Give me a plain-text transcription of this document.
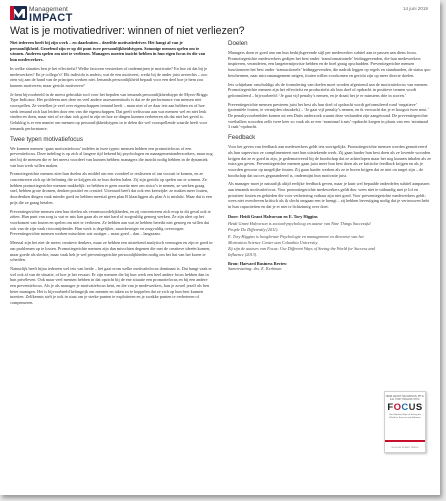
Management
IMPACT
14 juni 2019
Wat is je motivatiedriver: winnen of niet verliezen?

Niet iedereen heeft bij zijn werk – en daarbuiten – dezelfde motivatiedriver. Het hangt af van je persoonlijkheid. Geoefend zijn er op dit punt twee persoonlijkheidstypen. Sommige mensen spelen om te winnen. Anderen spelen om niet te verliezen. Managers moeten inzicht hebben in hun eigen focus én die van hun medewerkers.

In welke situaties ben je het effectiefst? Welke factoren versterken of ondermijnen je motivatie? En hoe zit dat bij je medewerkers? En je collega’s? Elk individu is anders; wat de een motiveert, werkt bij de ander juist averechts – zoo zien wij aan de hand van de principes werken niet. Iemands persoonlijkheid bepaalt voor een deel hoe je hem zou kunnen motiveren; maar gericht motiveren?

Je bent bijvoorbeeld in de meest gebruikte tool voor het bepalen van iemands persoonlijkheidstype de Myers-Briggs Type Indicator. Het probleem met deze en veel andere assessmenttools is dat ze de performance van mensen niet voorspellen. Ze vertellen je veel over eigenschappen iemand heeft – maar niet of ze daar iets aan hebben en of hoe sterk iemand zich laat leiden door een van die eigenschappen. Dat geeft weliswaar aan wat mensen wel en niet leuk vinden en doen, maar niet of ze daar ook goed in zijn en hoe ze dingen kunnen verbeteren als dat niet het geval is. Gelukkig is er een manier om mensen op persoonlijkheidstypen in te delen die wel voorspellende waarde heeft voor iemands performance.

Twee typen motivatiefocus

We kunnen mensen ‘gaan motivatiefocus’ indelen in twee typen: mensen hebben een promotiefocus of een preventiefocus. Deze indeling is op zich al langere tijd bekend bij psychologen en managementonderzoekers, maar nog niet bij de mensen die er het meest voordeel van kunnen hebben: managers die inzicht nodig hebben in de dynamiek van hun werk willen maken.

Promotiegerichte mensen zien hun doelen als middel om een voordeel te realiseren of om vooruit te komen, en ze concentreren zich op de beloning die ze krijgen als ze hun doelen halen. Zij zijn gericht op spelen om te winnen. Ze hebben promotiegerichte mensen makkelijk: ze hebben er geen moeite mee om risico’s te nemen, ze werken graag snel, hebben grote dromen, denken positief en creatief. Uiteraard heeft dat ook een keerzijde: ze maken meer fouten, doordenken dingen vaak minder goed en hebben meestal geen plan B klaarliggen als plan A is mislukt. Maar dat is een prijs die ze graag betalen.

Preventiegerichte mensen zien hun doelen als verantwoordelijkheden, en zij concentreren zich erop in dit geval ook te zitten. Hun punt van zorg is wat er mis kan gaan als ze niet hard of zorgvuldig genoeg werken. Ze zijn alert op het voorkomen van fouten en spelen om niet te verliezen. Ze hebben aan wat ze hebben bereikt niet genoeg en willen dat ook van de zijn vaak risicomijdender. Hun werk is degelijker, nauwkeuriger en zorgvuldig overwogen. Preventiegerichte mensen werken misschien wat rustiger – maar goed – dan – langzaam.

Meestal zijn het niet de meest creatieve denkers, maar ze hebben een uitstekend analytisch vermogen en zijn er goed in om problemen op te lossen. Promotiegerichte mensen zijn dan misschien degenen die met de creatieve ideeën komen, maar goede als slechte, maar vaak heb je wel preventiegerichte persoonlijkheden nodig om het hat van het koren te scheiden.

Natuurlijk heeft bijna iedereen wel iets van beide – het gaat erom welke motivatiefocus dominant is. Dat hangt vaak er wel ook af van de situatie, of hoe je het ervaart. Er zijn mensen die bij hun werk een heel andere focus hebben dan in hun privéleven. Ook maar veel mensen hebben in dat opzicht bij de ene situatie een promotiefocus en bij een andere een preventiefocus. Als je als manager je motivatiefocus kent, en die van je medewerkers, kun je zowel jezelf als hen beter managen. Het is bijvoorbeeld belangrijk om mensen en taken zo te koppelen dat ze zich op hun best kunnen inzetten. Zelfkennis stelt je ook in staat om je sterke punten te exploiteren en je zwakke punten te verbeteren of compenseren.

Doelen

Managers doen er goed aan om hun bedrijfsgevende stijl per medewerker subtiel aan te passen aan diens focus. Promotiegerichte medewerkers gedijen het best onder ‘transformationele’ leidinggevenden, die hun medewerkers inspireren, veranderen, een langetermijnvisie hebben en de boel graag opschudden. Preventiegerichte mensen functioneren het best onder ‘transactionele’ leidinggevenden, die nadruk leggen op regels en standaarden, de status quo beschermen, naar micromanagement neigen, fouten willen voorkomen en gericht zijn op meer directe doelen.

Iets schijnbaar onschuldigs als de formulering van doelen moet worden afgestemd aan de motivatiefocus van mensen. Promotiegerichte mensen zijn het effectiefst en productiefst als hun doel of opdracht in positieve termen wordt geformuleerd – bijvoorbeeld: ‘Je gaat vijf penalty’s nemen, en je draait het je er minstens drie in scoren.’

Preventiegerichte mensen presteren juist het best als hun doel of opdracht wordt geformuleerd rond ‘negatieve’ (potentiële fouten, te vermijden obstakels) – ‘Je gaat vijf penalty’s nemen, en ik verwacht dat je er hooguit twee mist.’ De penaltyvoorbeelden komen uit een Duits onderzoek waarin deze verbanden zijn aangetoond. De preventiegerichte voetballers scoorden zelfs twee keer zo vaak als ze een ‘nominaal à mis’-opdracht kregen in plaats van een ‘minimaal 3 raak’-opdracht.

Feedback

Voor het geven van feedback aan medewerkers geldt iets soortgelijks. Promotiegerichte mensen worden gemotiveerd als hun supervisor ze complimenteert met hun uitstekende werk. Zij gaan harder hun best doen als ze lovende woorden krijgen dat ze er goed in zijn, je gedemotiveerd bij de boodschap dat ze achterlopen maar het nog kunnen inhalen als ze extra gas geven. Preventiegerichte mensen gaan juist meer hun best doen als ze kritische feedback krijgen en als je woorden gewoon op mogelijke fouten. Zij gaan harder werken als ze te horen krijgen dat ze niet on target zijn – de boodschap dat succes gegarandeerd is, ondermijnt hun motivatie juist.

Als manager moet je natuurlijk altijd eerlijke feedback geven, maar je kunt wel bepaalde onderdelen subtiel aanpassen aan iemands motivatiefocus. Voor promotiegerichte medewerkers geldt dus: wees niet te uitbundig met je lof en prioriteer fouten en gebieden die voor verbetering vatbaar zijn niet goed. Voor preventiegerichte medewerkers geldt: wees niet overdreven kritisch als ik slecht omgaan een te brengt – zij hebben bevestiging nodig dat je vertrouwen hebt in hun capaciteiten en dat je er niet te lichtzinnig over doet.

Door: Heidi Grant Halvorson en E. Tory Higgins

Heidi Grant Halvorson is sociaal-psycholoog en auteur van Nine Things Successful People Do Differently (2011).

E. Tory Higgins is hoogleraar Psychologie en management en directeur van het Motivation Science Center aan Columbia University.

Zij zijn de auteurs van Focus: Use Different Ways of Seeing the World for Success and Influence (2013).

Bron: Harvard Business Review

Samenvatting: drs. E. Kerkman

HEIDI GRANT HALVORSON, PH.D. & E. TORY HIGGINS, PH.D.
FOCUS
Use Different Ways of Seeing the World for Success and Influence
HUDSON STREET PRESS
